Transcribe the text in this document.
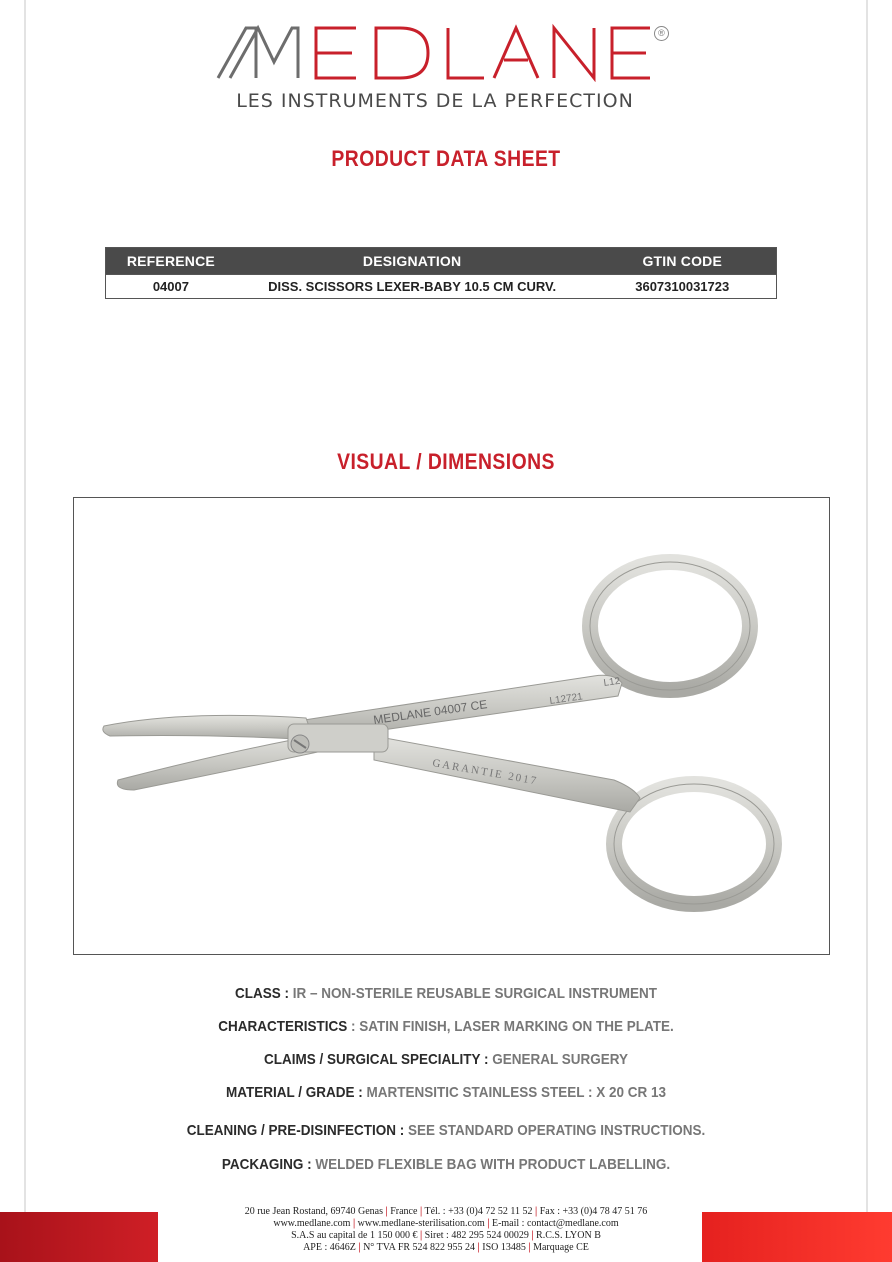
®
LES INSTRUMENTS DE LA PERFECTION
PRODUCT DATA SHEET
REFERENCE	DESIGNATION	GTIN CODE
04007	DISS. SCISSORS LEXER-BABY 10.5 CM CURV.	3607310031723
VISUAL / DIMENSIONS
MEDLANE 04007 CE	L12721
L12
GARANTIE 2017
CLASS : IR – NON-STERILE REUSABLE SURGICAL INSTRUMENT
CHARACTERISTICS : SATIN FINISH, LASER MARKING ON THE PLATE.
CLAIMS / SURGICAL SPECIALITY : GENERAL SURGERY
MATERIAL / GRADE : MARTENSITIC STAINLESS STEEL : X 20 CR 13
CLEANING / PRE-DISINFECTION : SEE STANDARD OPERATING INSTRUCTIONS.
PACKAGING : WELDED FLEXIBLE BAG WITH PRODUCT LABELLING.
20 rue Jean Rostand, 69740 Genas | France | Tél. : +33 (0)4 72 52 11 52 | Fax : +33 (0)4 78 47 51 76
www.medlane.com | www.medlane-sterilisation.com | E-mail : contact@medlane.com
S.A.S au capital de 1 150 000 € | Siret : 482 295 524 00029 | R.C.S. LYON B
APE : 4646Z | N° TVA FR 524 822 955 24 | ISO 13485 | Marquage CE
